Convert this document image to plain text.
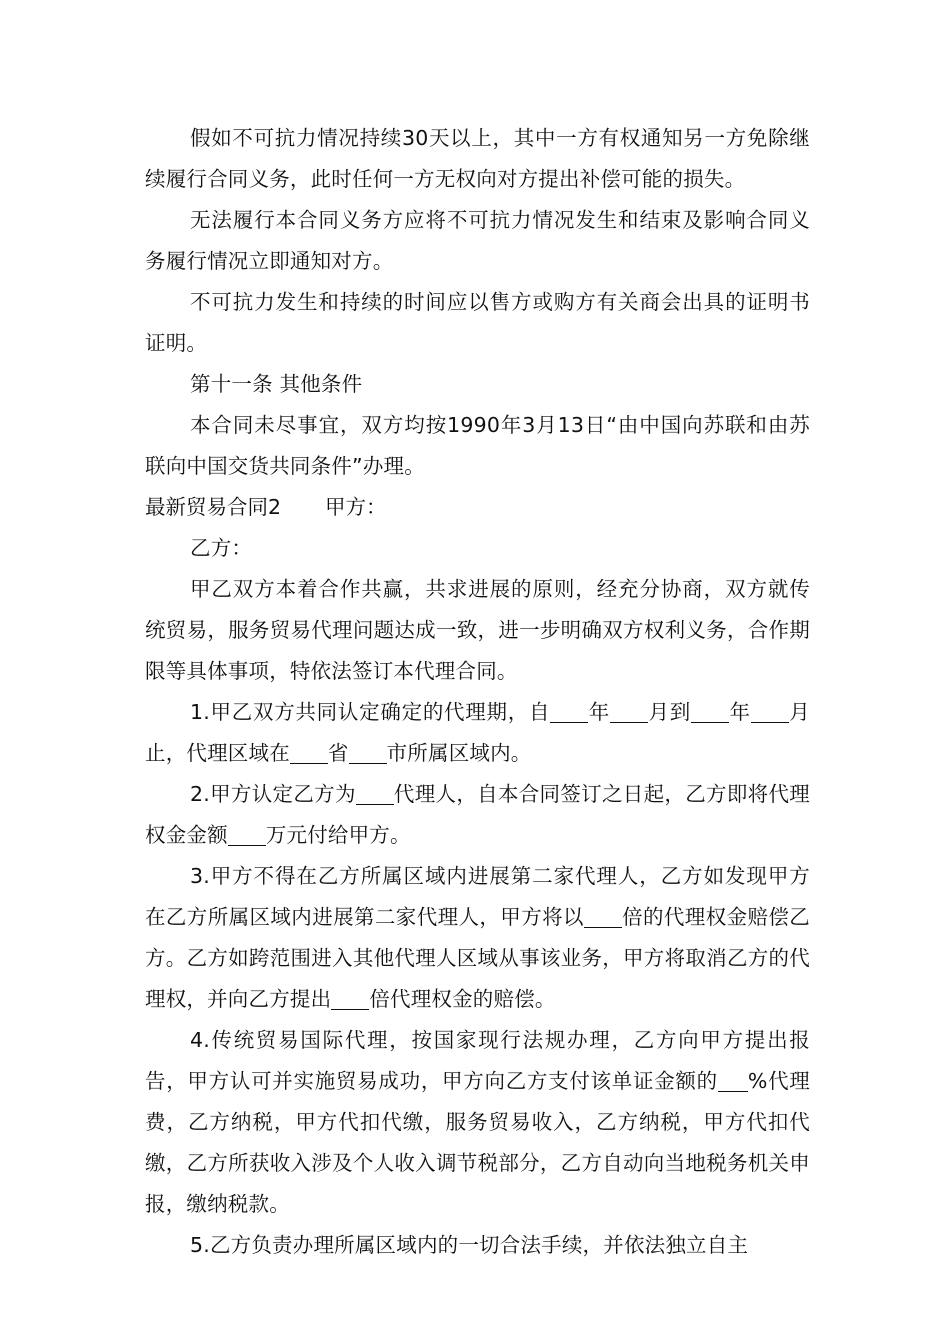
假如不可抗力情况持续30天以上，其中一方有权通知另一方免除继续履行合同义务，此时任何一方无权向对方提出补偿可能的损失。

无法履行本合同义务方应将不可抗力情况发生和结束及影响合同义务履行情况立即通知对方。

不可抗力发生和持续的时间应以售方或购方有关商会出具的证明书证明。

第十一条 其他条件

本合同未尽事宜，双方均按1990年3月13日“由中国向苏联和由苏联向中国交货共同条件”办理。

最新贸易合同2 甲方：

乙方：

甲乙双方本着合作共赢，共求进展的原则，经充分协商，双方就传统贸易，服务贸易代理问题达成一致，进一步明确双方权利义务，合作期限等具体事项，特依法签订本代理合同。

1.甲乙双方共同认定确定的代理期，自 年 月到 年 月止，代理区域在 省 市所属区域内。

2.甲方认定乙方为 代理人，自本合同签订之日起，乙方即将代理权金金额 万元付给甲方。

3.甲方不得在乙方所属区域内进展第二家代理人，乙方如发现甲方在乙方所属区域内进展第二家代理人，甲方将以 倍的代理权金赔偿乙方。乙方如跨范围进入其他代理人区域从事该业务，甲方将取消乙方的代理权，并向乙方提出 倍代理权金的赔偿。

4.传统贸易国际代理，按国家现行法规办理，乙方向甲方提出报告，甲方认可并实施贸易成功，甲方向乙方支付该单证金额的 %代理费，乙方纳税，甲方代扣代缴，服务贸易收入，乙方纳税，甲方代扣代缴，乙方所获收入涉及个人收入调节税部分，乙方自动向当地税务机关申报，缴纳税款。

5.乙方负责办理所属区域内的一切合法手续，并依法独立自主
